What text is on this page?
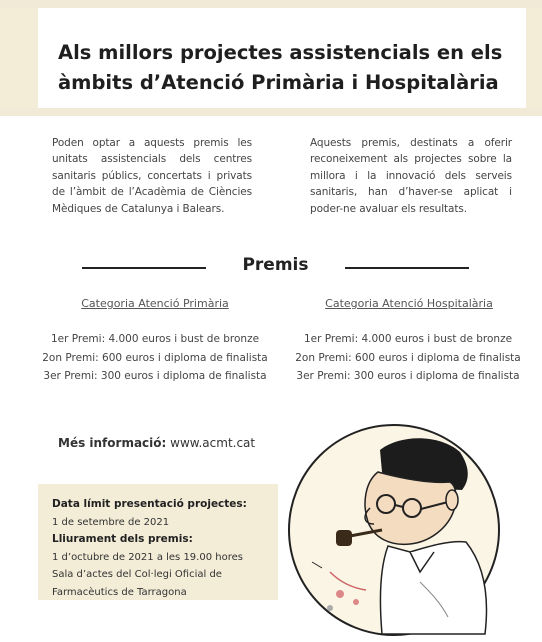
Als millors projectes assistencials en els àmbits d’Atenció Primària i Hospitalària

Poden optar a aquests premis les unitats assistencials dels centres sanitaris públics, concertats i privats de l’àmbit de l’Acadèmia de Ciències Mèdiques de Catalunya i Balears.

Aquests premis, destinats a oferir reconeixement als projectes sobre la millora i la innovació dels serveis sanitaris, han d’haver-se aplicat i poder-ne avaluar els resultats.

Premis
Categoria Atenció Primària	Categoria Atenció Hospitalària
1er Premi: 4.000 euros i bust de bronze
2on Premi: 600 euros i diploma de finalista
3er Premi: 300 euros i diploma de finalista
1er Premi: 4.000 euros i bust de bronze
2on Premi: 600 euros i diploma de finalista
3er Premi: 300 euros i diploma de finalista
Més informació: www.acmt.cat
Data límit presentació projectes:
1 de setembre de 2021
Lliurament dels premis:
1 d’octubre de 2021 a les 19.00 hores
Sala d’actes del Col·legi Oficial de
Farmacèutics de Tarragona
